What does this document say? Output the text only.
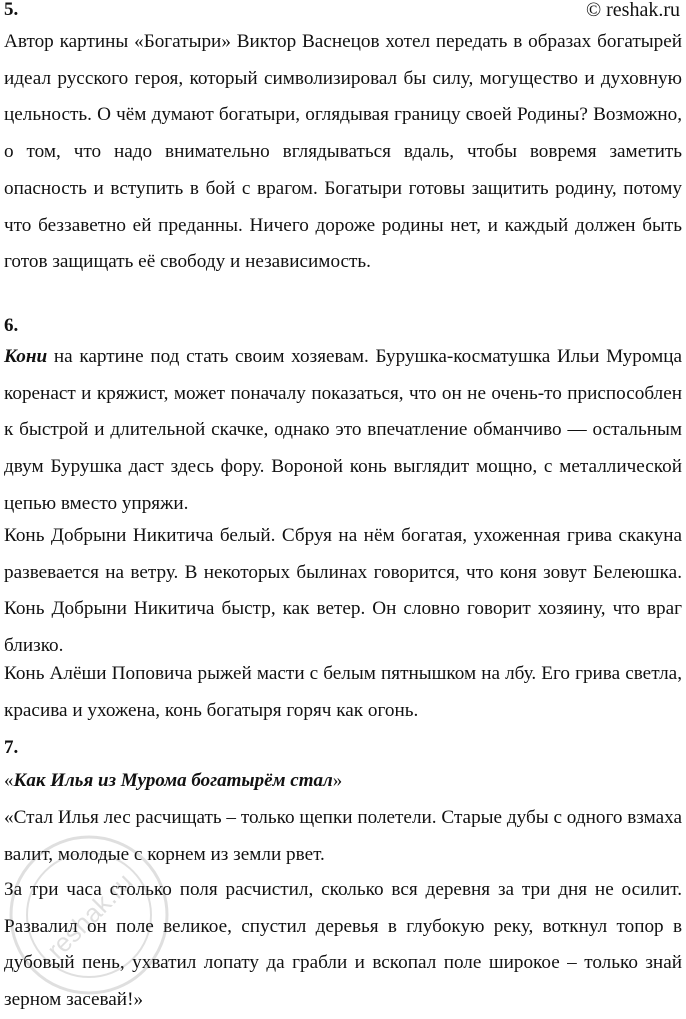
© reshak.ru
5.

Автор картины «Богатыри» Виктор Васнецов хотел передать в образах богатырей идеал русского героя, который символизировал бы силу, могущество и духовную цельность. О чём думают богатыри, оглядывая границу своей Родины? Возможно, о том, что надо внимательно вглядываться вдаль, чтобы вовремя заметить опасность и вступить в бой с врагом. Богатыри готовы защитить родину, потому что беззаветно ей преданны. Ничего дороже родины нет, и каждый должен быть готов защищать её свободу и независимость.

6.

Кони на картине под стать своим хозяевам. Бурушка-косматушка Ильи Муромца коренаст и кряжист, может поначалу показаться, что он не очень-то приспособлен к быстрой и длительной скачке, однако это впечатление обманчиво — остальным двум Бурушка даст здесь фору. Вороной конь выглядит мощно, с металлической цепью вместо упряжи.

Конь Добрыни Никитича белый. Сбруя на нём богатая, ухоженная грива скакуна развевается на ветру. В некоторых былинах говорится, что коня зовут Белеюшка. Конь Добрыни Никитича быстр, как ветер. Он словно говорит хозяину, что враг близко.

Конь Алёши Поповича рыжей масти с белым пятнышком на лбу. Его грива светла, красива и ухожена, конь богатыря горяч как огонь.

7.
«Как Илья из Мурома богатырём стал»

«Стал Илья лес расчищать – только щепки полетели. Старые дубы с одного взмаха валит, молодые с корнем из земли рвет.

За три часа столько поля расчистил, сколько вся деревня за три дня не осилит. Развалил он поле великое, спустил деревья в глубокую реку, воткнул топор в дубовый пень, ухватил лопату да грабли и вскопал поле широкое – только знай зерном засевай!»

reshak.ru
